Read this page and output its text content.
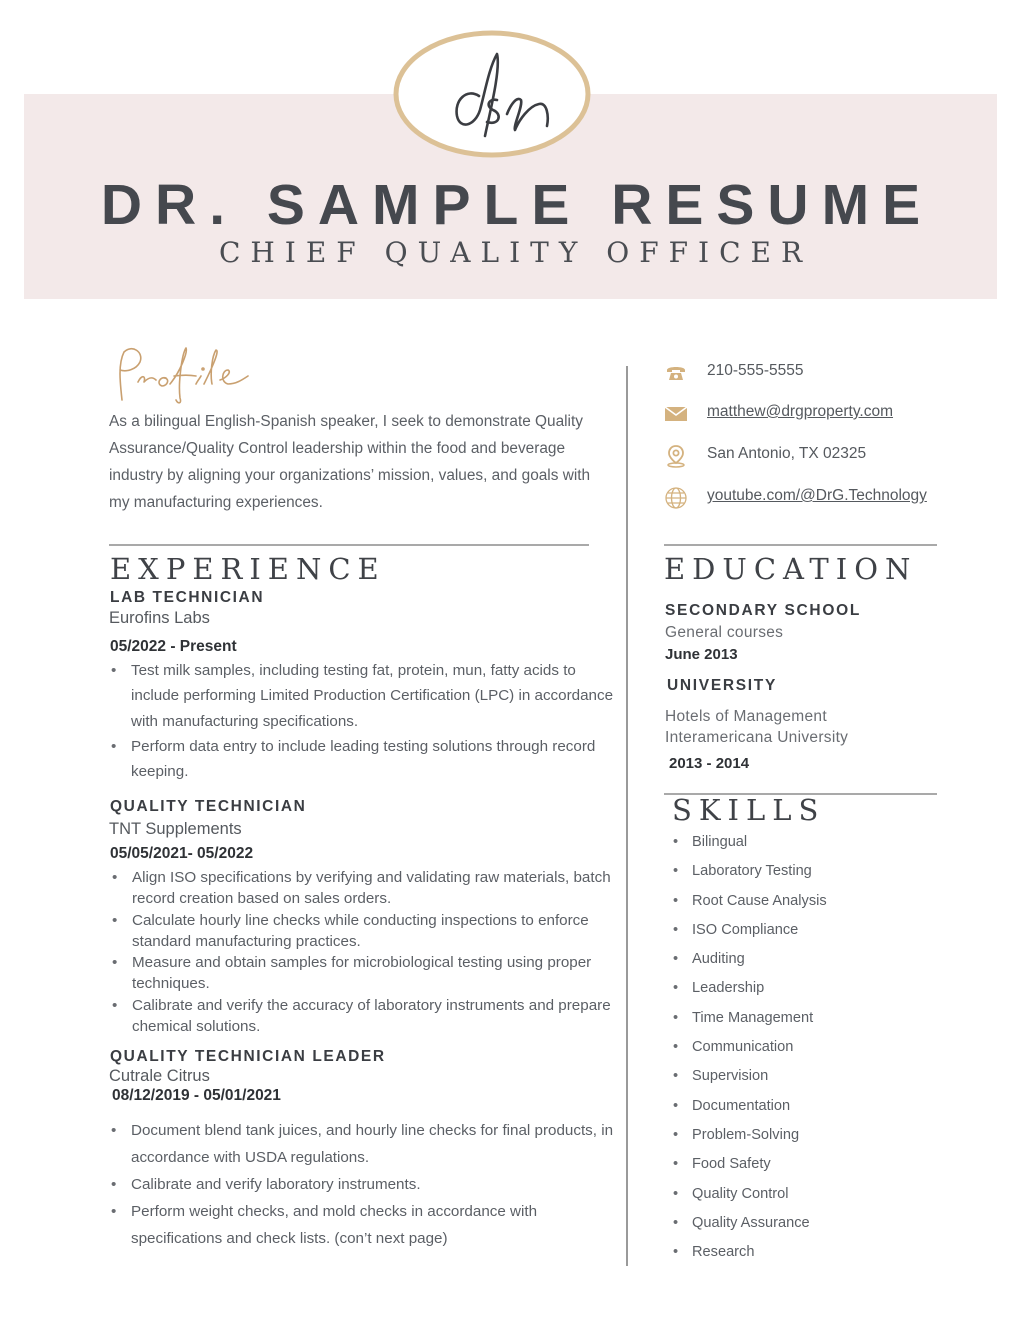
DR. SAMPLE RESUME
CHIEF QUALITY OFFICER
As a bilingual English-Spanish speaker, I seek to demonstrate Quality Assurance/Quality Control leadership within the food and beverage industry by aligning your organizations’ mission, values, and goals with my manufacturing experiences.
EXPERIENCE
LAB TECHNICIAN
Eurofins Labs
05/2022 - Present
• Test milk samples, including testing fat, protein, mun, fatty acids to include performing Limited Production Certification (LPC) in accordance with manufacturing specifications.
• Perform data entry to include leading testing solutions through record keeping.
QUALITY TECHNICIAN
TNT Supplements
05/05/2021- 05/2022
• Align ISO specifications by verifying and validating raw materials, batch record creation based on sales orders.
• Calculate hourly line checks while conducting inspections to enforce standard manufacturing practices.
• Measure and obtain samples for microbiological testing using proper techniques.
• Calibrate and verify the accuracy of laboratory instruments and prepare chemical solutions.
QUALITY TECHNICIAN LEADER
Cutrale Citrus
08/12/2019 - 05/01/2021
• Document blend tank juices, and hourly line checks for final products, in accordance with USDA regulations.
• Calibrate and verify laboratory instruments.
• Perform weight checks, and mold checks in accordance with specifications and check lists. (con’t next page)
210-555-5555
matthew@drgproperty.com
San Antonio, TX 02325
youtube.com/@DrG.Technology
EDUCATION
SECONDARY SCHOOL
General courses
June 2013
UNIVERSITY
Hotels of Management
Interamericana University
2013 - 2014
SKILLS
• Bilingual
• Laboratory Testing
• Root Cause Analysis
• ISO Compliance
• Auditing
• Leadership
• Time Management
• Communication
• Supervision
• Documentation
• Problem-Solving
• Food Safety
• Quality Control
• Quality Assurance
• Research
